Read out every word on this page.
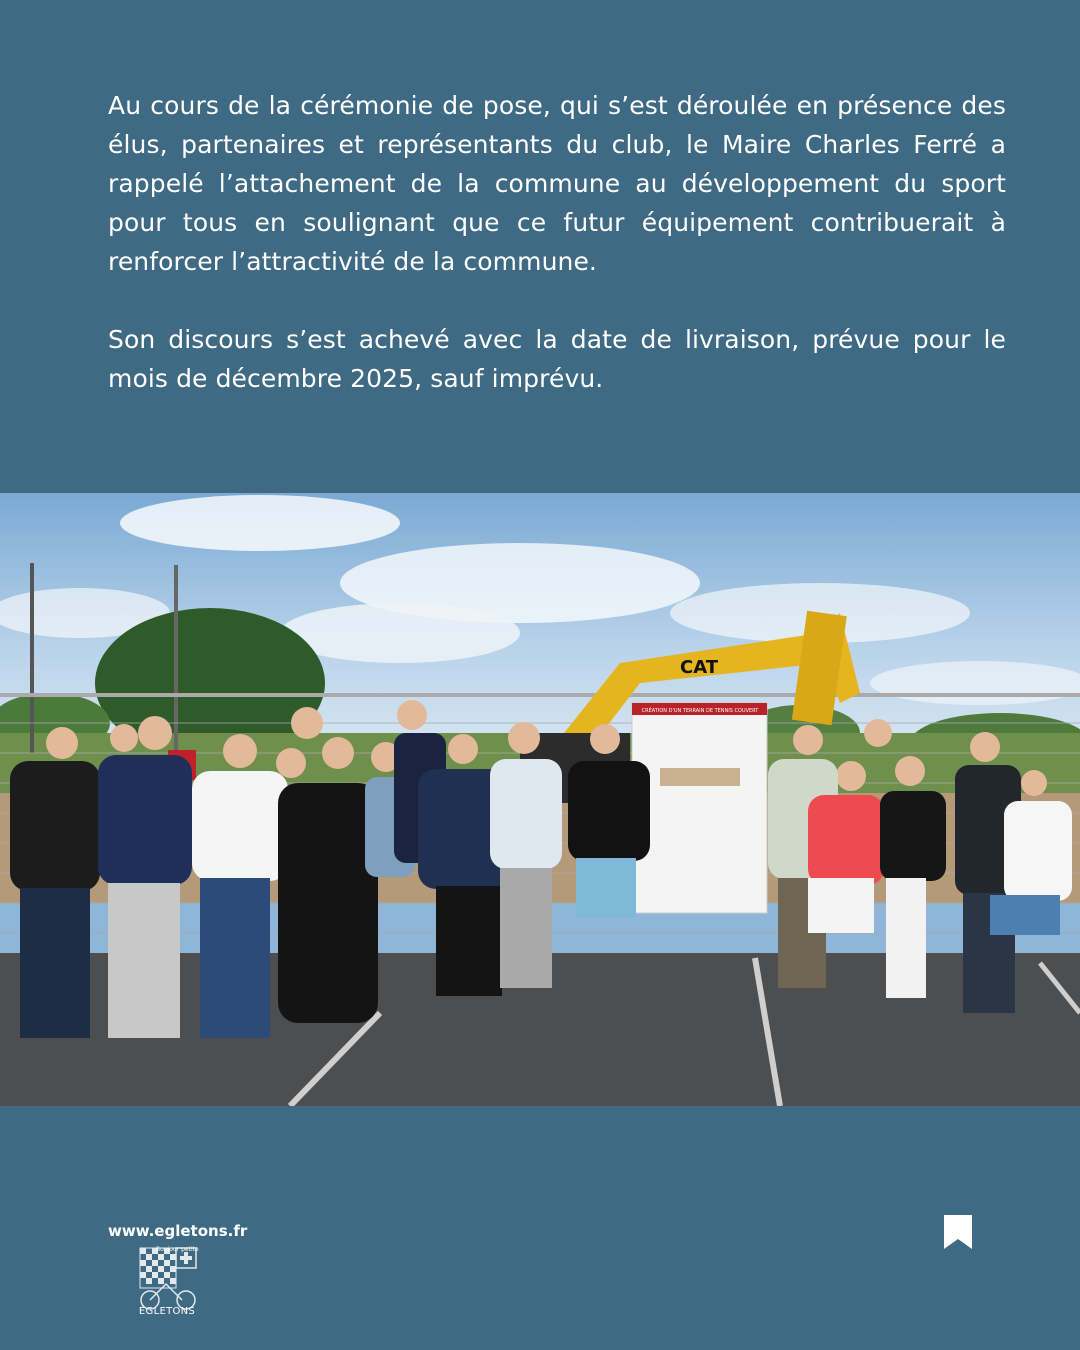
Au cours de la cérémonie de pose, qui s’est déroulée en présence des élus, partenaires et représentants du club, le Maire Charles Ferré a rappelé l’attachement de la commune au développement du sport pour tous en soulignant que ce futur équipement contribuerait à renforcer l’attractivité de la commune.

Son discours s’est achevé avec la date de livraison, prévue pour le mois de décembre 2025, sauf imprévu.

CAT
CRÉATION D'UN TERRAIN DE TENNIS COUVERT
www.egletons.fr
Bonjour petite
ÉGLETONS
